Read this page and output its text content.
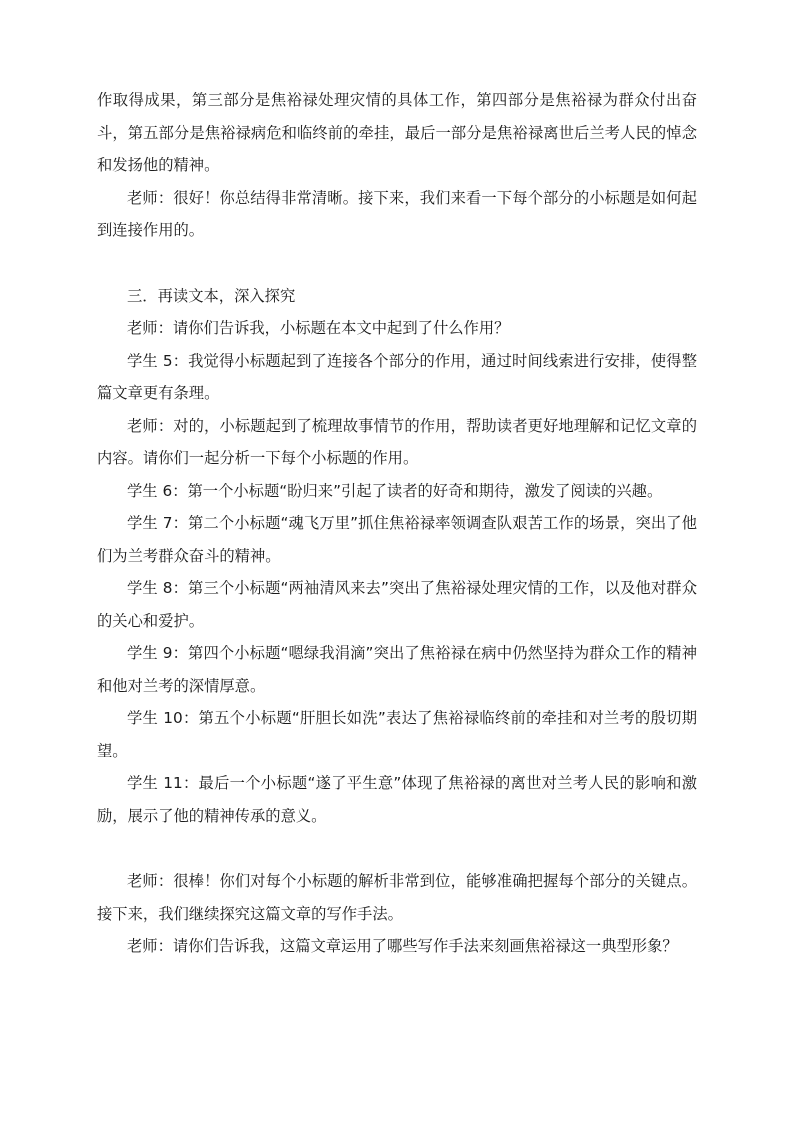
作取得成果，第三部分是焦裕禄处理灾情的具体工作，第四部分是焦裕禄为群众付出奋斗，第五部分是焦裕禄病危和临终前的牵挂，最后一部分是焦裕禄离世后兰考人民的悼念和发扬他的精神。

老师：很好！你总结得非常清晰。接下来，我们来看一下每个部分的小标题是如何起到连接作用的。

三．再读文本，深入探究

老师：请你们告诉我，小标题在本文中起到了什么作用？

学生 5：我觉得小标题起到了连接各个部分的作用，通过时间线索进行安排，使得整篇文章更有条理。

老师：对的，小标题起到了梳理故事情节的作用，帮助读者更好地理解和记忆文章的内容。请你们一起分析一下每个小标题的作用。

学生 6：第一个小标题“盼归来”引起了读者的好奇和期待，激发了阅读的兴趣。

学生 7：第二个小标题“魂飞万里”抓住焦裕禄率领调查队艰苦工作的场景，突出了他们为兰考群众奋斗的精神。

学生 8：第三个小标题“两袖清风来去”突出了焦裕禄处理灾情的工作，以及他对群众的关心和爱护。

学生 9：第四个小标题“嗯绿我涓滴”突出了焦裕禄在病中仍然坚持为群众工作的精神和他对兰考的深情厚意。

学生 10：第五个小标题“肝胆长如洗”表达了焦裕禄临终前的牵挂和对兰考的殷切期望。

学生 11：最后一个小标题“遂了平生意”体现了焦裕禄的离世对兰考人民的影响和激励，展示了他的精神传承的意义。

老师：很棒！你们对每个小标题的解析非常到位，能够准确把握每个部分的关键点。接下来，我们继续探究这篇文章的写作手法。

老师：请你们告诉我，这篇文章运用了哪些写作手法来刻画焦裕禄这一典型形象？
